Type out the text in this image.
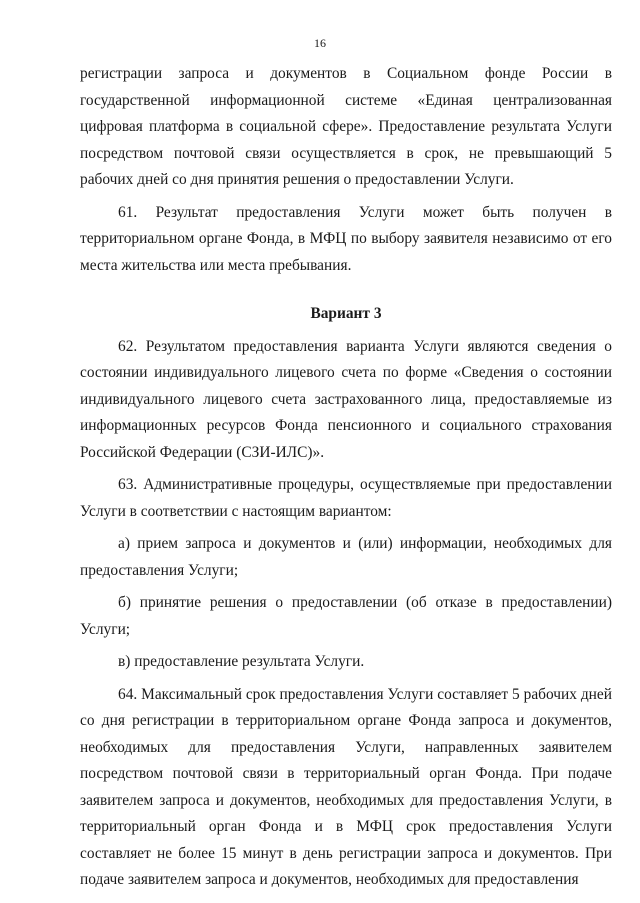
16

регистрации запроса и документов в Социальном фонде России в государственной информационной системе «Единая централизованная цифровая платформа в социальной сфере». Предоставление результата Услуги посредством почтовой связи осуществляется в срок, не превышающий 5 рабочих дней со дня принятия решения о предоставлении Услуги.

61. Результат предоставления Услуги может быть получен в территориальном органе Фонда, в МФЦ по выбору заявителя независимо от его места жительства или места пребывания.

Вариант 3

62. Результатом предоставления варианта Услуги являются сведения о состоянии индивидуального лицевого счета по форме «Сведения о состоянии индивидуального лицевого счета застрахованного лица, предоставляемые из информационных ресурсов Фонда пенсионного и социального страхования Российской Федерации (СЗИ-ИЛС)».

63. Административные процедуры, осуществляемые при предоставлении Услуги в соответствии с настоящим вариантом:

а) прием запроса и документов и (или) информации, необходимых для предоставления Услуги;

б) принятие решения о предоставлении (об отказе в предоставлении) Услуги;

в) предоставление результата Услуги.

64. Максимальный срок предоставления Услуги составляет 5 рабочих дней со дня регистрации в территориальном органе Фонда запроса и документов, необходимых для предоставления Услуги, направленных заявителем посредством почтовой связи в территориальный орган Фонда. При подаче заявителем запроса и документов, необходимых для предоставления Услуги, в территориальный орган Фонда и в МФЦ срок предоставления Услуги составляет не более 15 минут в день регистрации запроса и документов. При подаче заявителем запроса и документов, необходимых для предоставления
